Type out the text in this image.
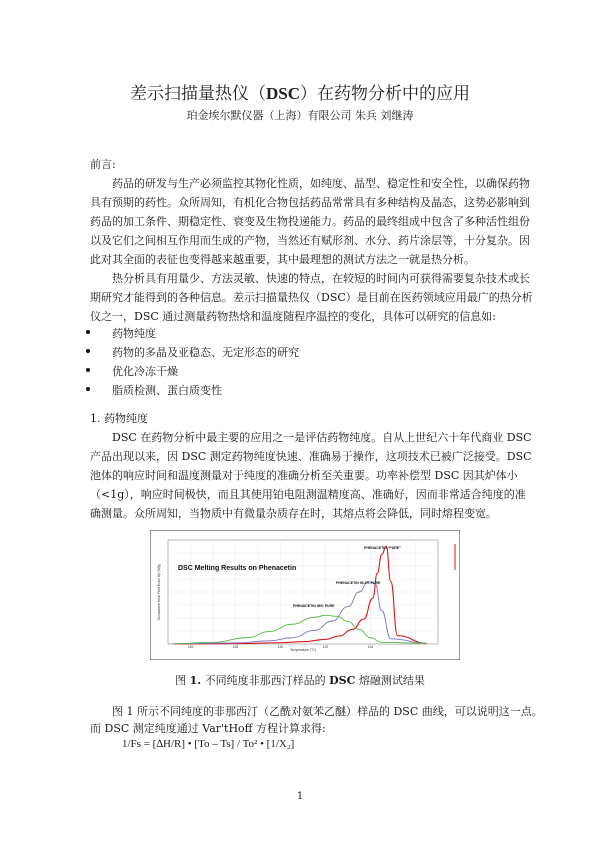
差示扫描量热仪（DSC）在药物分析中的应用
珀金埃尔默仪器（上海）有限公司 朱兵 刘继涛
前言:
药品的研发与生产必须监控其物化性质，如纯度、晶型、稳定性和安全性，以确保药物
具有预期的药性。众所周知，有机化合物包括药品常常具有多种结构及晶态，这势必影响到
药品的加工条件、期稳定性、衰变及生物投递能力。药品的最终组成中包含了多种活性组份
以及它们之间相互作用而生成的产物，当然还有赋形剂、水分、药片涂层等，十分复杂。因
此对其全面的表征也变得越来越重要，其中最理想的测试方法之一就是热分析。
热分析具有用量少、方法灵敏、快速的特点，在较短的时间内可获得需要复杂技术或长
期研究才能得到的各种信息。差示扫描量热仪（DSC）是目前在医药领域应用最广的热分析
仪之一，DSC 通过测量药物热焓和温度随程序温控的变化，具体可以研究的信息如:
药物纯度
药物的多晶及亚稳态、无定形态的研究
优化冷冻干燥
脂质检测、蛋白质变性
1. 药物纯度
DSC 在药物分析中最主要的应用之一是评估药物纯度。自从上世纪六十年代商业 DSC
产品出现以来，因 DSC 测定药物纯度快速、准确易于操作，这项技术已被广泛接受。DSC
池体的响应时间和温度测量对于纯度的准确分析至关重要。功率补偿型 DSC 因其炉体小
（<1g），响应时间极快，而且其使用铂电阻测温精度高、准确好，因而非常适合纯度的准
确测量。众所周知，当物质中有微量杂质存在时，其熔点将会降低，同时熔程变宽。
126	128	130	132	134
DSC Melting Results on Phenacetin
Temperature (°C)
Normalized Heat Flow Endo Up (W/g)
PHENACETIN "PURE"
PHENACETIN 99.2% PURE
PHENACETIN 98% PURE
图 1. 不同纯度非那西汀样品的 DSC 熔融测试结果
图 1 所示不同纯度的非那西汀（乙酰对氨苯乙醚）样品的 DSC 曲线，可以说明这一点。
而 DSC 测定纯度通过 Var'tHoff 方程计算求得:
1/Fs = [∆H/R] • [To – Ts] / To² • [1/X₂]
1
